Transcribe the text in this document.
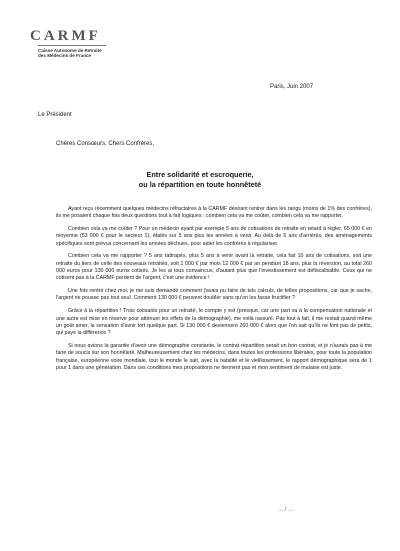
CARMF
Caisse Autonome de Retraite
des Médecins de France
Paris, Juin 2007
Le Président
Chères Consœurs, Chers Confrères,
Entre solidarité et escroquerie,
ou la répartition en toute honnêteté

Ayant reçu récemment quelques médecins réfractaires à la CARMF désirant rentrer dans les rangs (moins de 1% des confrères), ils me posaient chaque fois deux questions tout à fait logiques : combien cela va me coûter, combien cela va me rapporter.

Combien cela va me coûter ? Pour un médecin ayant par exemple 5 ans de cotisations de retraite en retard à régler, 65 000 € en moyenne (53 000 € pour le secteur 1), étalés sur 5 ans plus les années à venir. Au delà de 5 ans d'arriérés, des aménagements spécifiques sont prévus concernant les années déchues, pour aider les confrères à régulariser.

Combien cela va me rapporter ? 5 ans rattrapés, plus 5 ans à venir avant la retraite, cela fait 10 ans de cotisations, soit une retraite du tiers de celle des nouveaux retraités, soit 1 000 € par mois 12 000 € par an pendant 18 ans, plus la réversion, au total 260 000 euros pour 130 000 euros cotisés. Je les ai tous convaincus, d'autant plus que l'investissement est défiscalisable. Ceux qui ne cotisent pas à la CARMF perdent de l'argent, c'est une évidence !

Une fois rentré chez moi, je me suis demandé comment j'avais pu faire de tels calculs, de telles propositions, car que je sache, l'argent ne pousse pas tout seul. Comment 130 000 € peuvent doubler sans qu'on les fasse fructifier ?

Grâce à la répartition ! Trois cotisants pour un retraité, le compte y est (presque, car une part va à la compensation nationale et une autre est mise en réserve pour atténuer les effets de la démographie), me voilà rassuré. Pas tout à fait, il me restait quand même un goût amer, la sensation d'avoir tort quelque part. Si 130 000 € deviennent 260 000 € alors que l'on sait qu'ils ne font pas de petits, qui paye la différence ?

Si nous avions la garantie d'avoir une démographie constante, le contrat répartition serait un bon contrat, et je n'aurais pas à me faire de soucis sur son honnêteté. Malheureusement chez les médecins, dans toutes les professions libérales, pour toute la population française, européenne voire mondiale, tout le monde le sait, avec la natalité et le vieillissement, le rapport démographique sera de 1 pour 1 dans une génération. Dans ces conditions mes propositions ne tiennent pas et mon sentiment de malaise est juste.

... / ...
